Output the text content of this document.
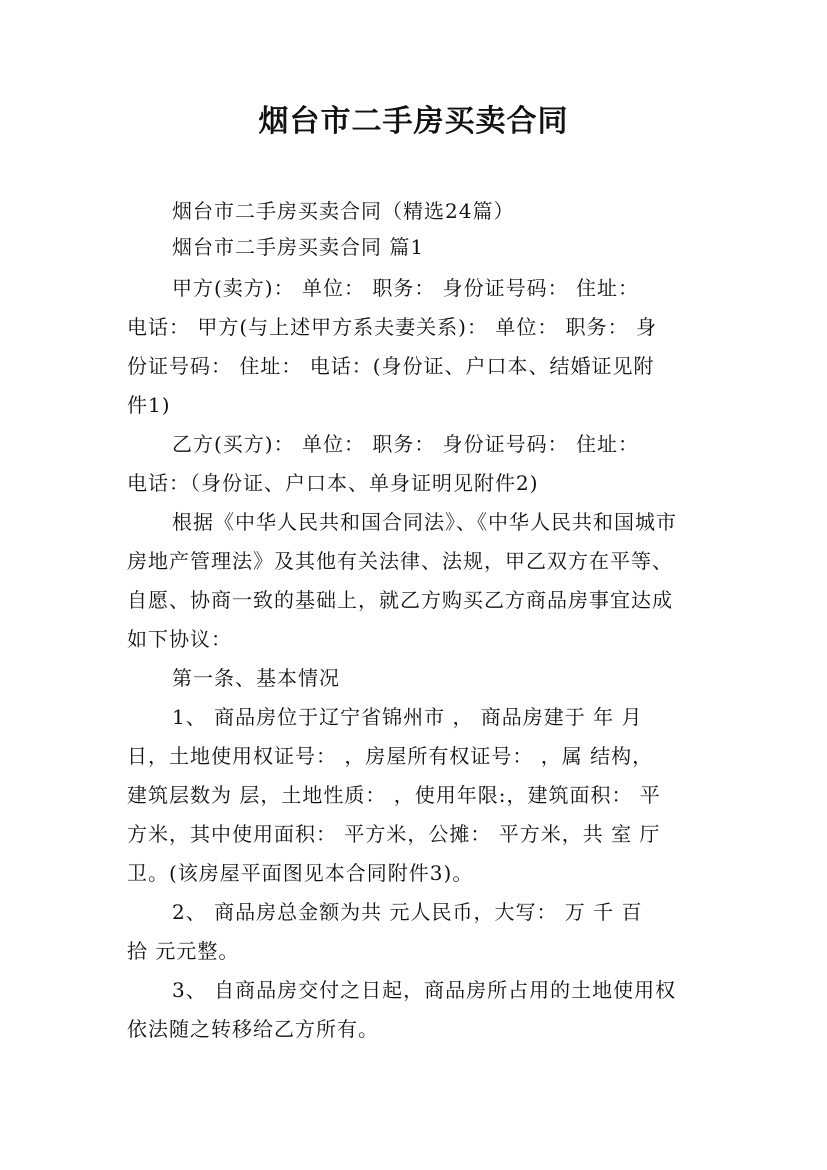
烟台市二手房买卖合同
烟台市二手房买卖合同（精选24篇）
烟台市二手房买卖合同 篇1
甲方(卖方)： 单位： 职务： 身份证号码： 住址：
电话： 甲方(与上述甲方系夫妻关系)： 单位： 职务： 身
份证号码： 住址： 电话：(身份证、户口本、结婚证见附
件1)
乙方(买方)： 单位： 职务： 身份证号码： 住址：
电话：（身份证、户口本、单身证明见附件2)
根据《中华人民共和国合同法》、《中华人民共和国城市
房地产管理法》及其他有关法律、法规，甲乙双方在平等、
自愿、协商一致的基础上，就乙方购买乙方商品房事宜达成
如下协议：
第一条、基本情况
1、 商品房位于辽宁省锦州市 ， 商品房建于 年 月
日，土地使用权证号： ，房屋所有权证号： ，属 结构，
建筑层数为 层，土地性质： ，使用年限:，建筑面积： 平
方米，其中使用面积： 平方米，公摊： 平方米，共 室 厅
卫。(该房屋平面图见本合同附件3)。
2、 商品房总金额为共 元人民币，大写： 万 千 百
拾 元元整。
3、 自商品房交付之日起，商品房所占用的土地使用权
依法随之转移给乙方所有。
